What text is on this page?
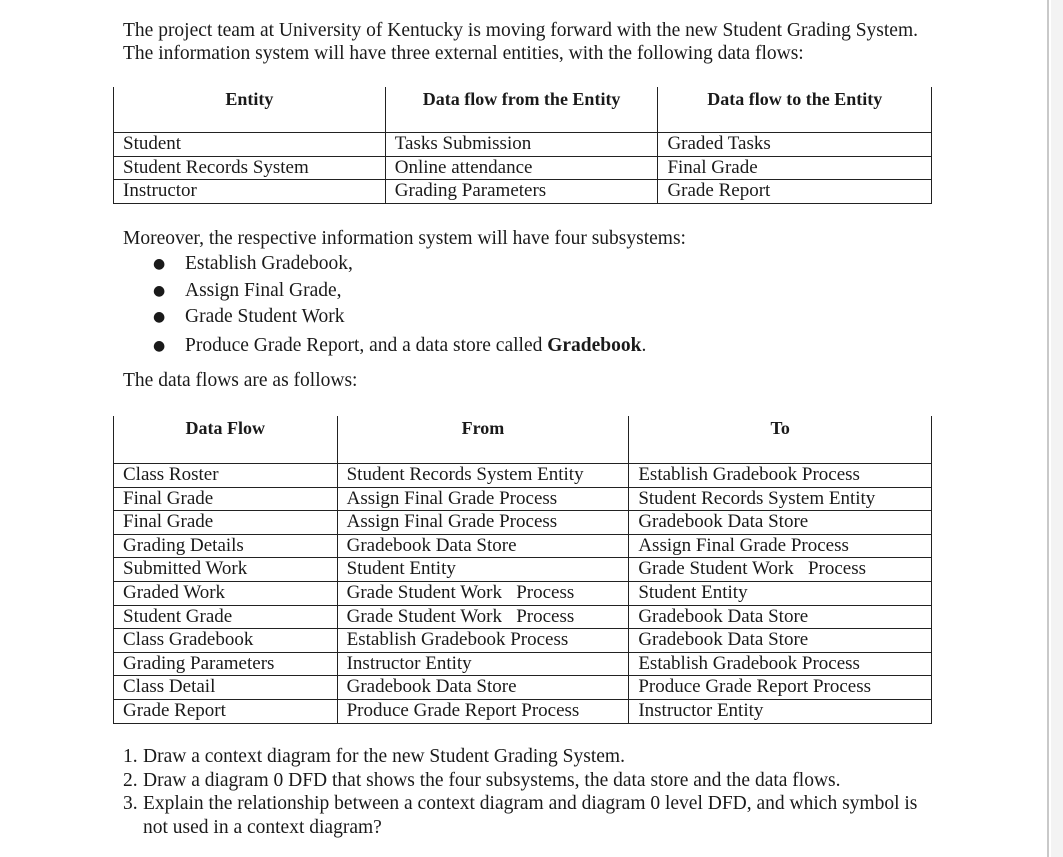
The project team at University of Kentucky is moving forward with the new Student Grading System. The information system will have three external entities, with the following data flows:

Entity	Data flow from the Entity	Data flow to the Entity
Student	Tasks Submission	Graded Tasks
Student Records System	Online attendance	Final Grade
Instructor	Grading Parameters	Grade Report

Moreover, the respective information system will have four subsystems:

● Establish Gradebook,
● Assign Final Grade,
● Grade Student Work
● Produce Grade Report, and a data store called Gradebook.

The data flows are as follows:

Data Flow	From	To
Class Roster	Student Records System Entity	Establish Gradebook Process
Final Grade	Assign Final Grade Process	Student Records System Entity
Final Grade	Assign Final Grade Process	Gradebook Data Store
Grading Details	Gradebook Data Store	Assign Final Grade Process
Submitted Work	Student Entity	Grade Student Work   Process
Graded Work	Grade Student Work   Process	Student Entity
Student Grade	Grade Student Work   Process	Gradebook Data Store
Class Gradebook	Establish Gradebook Process	Gradebook Data Store
Grading Parameters	Instructor Entity	Establish Gradebook Process
Class Detail	Gradebook Data Store	Produce Grade Report Process
Grade Report	Produce Grade Report Process	Instructor Entity
1. Draw a context diagram for the new Student Grading System.
2. Draw a diagram 0 DFD that shows the four subsystems, the data store and the data flows.
3. Explain the relationship between a context diagram and diagram 0 level DFD, and which symbol is not used in a context diagram?
